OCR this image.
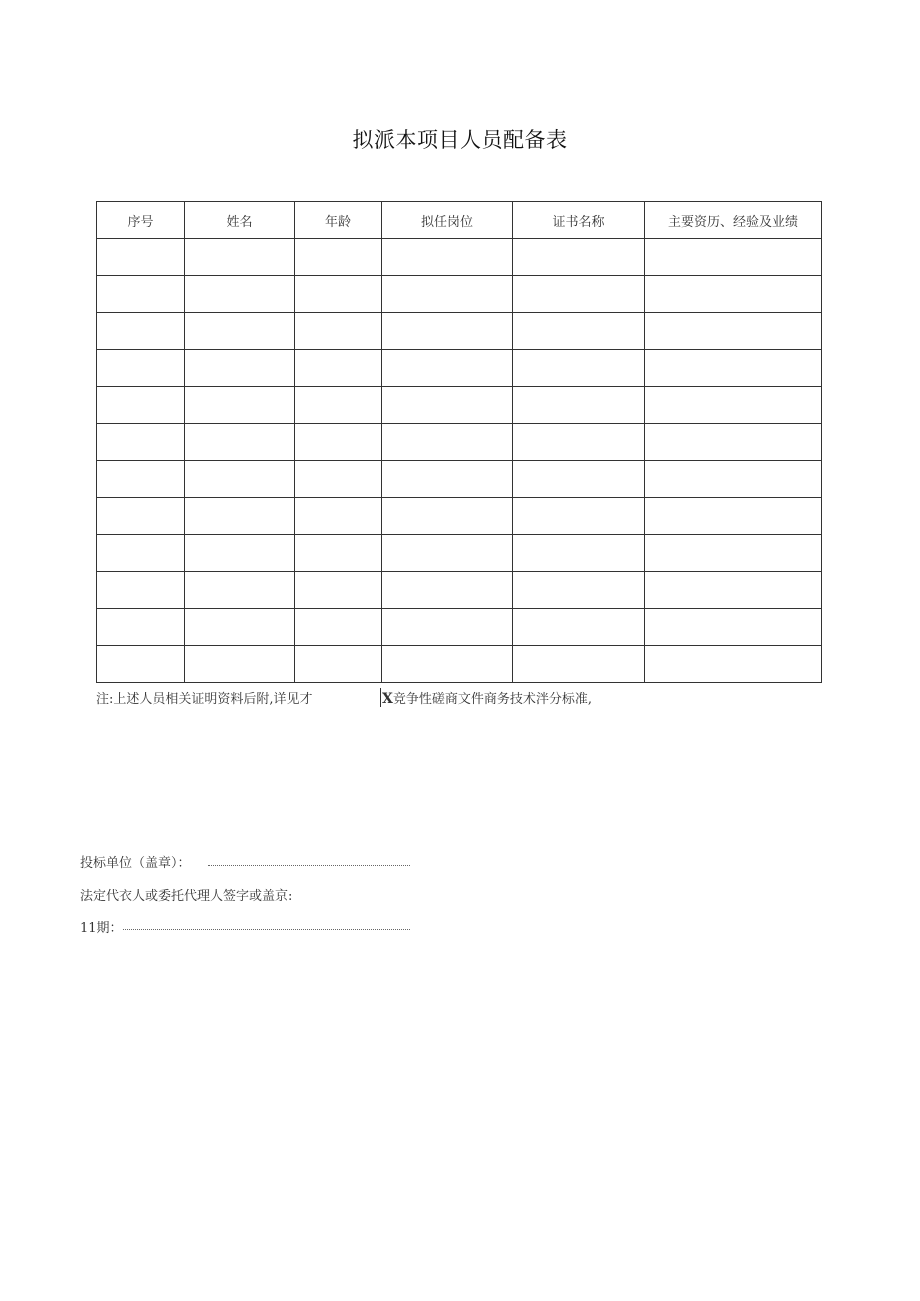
拟派本项目人员配备表
序号	姓名	年龄	拟任岗位	证书名称	主要资历、经验及业绩

注:上述人员相关证明资料后附,详见才	X竞争性磋商文件商务技术泮分标准,
投标单位（盖章）：
法定代衣人或委托代理人签字或盖京:
11期：
